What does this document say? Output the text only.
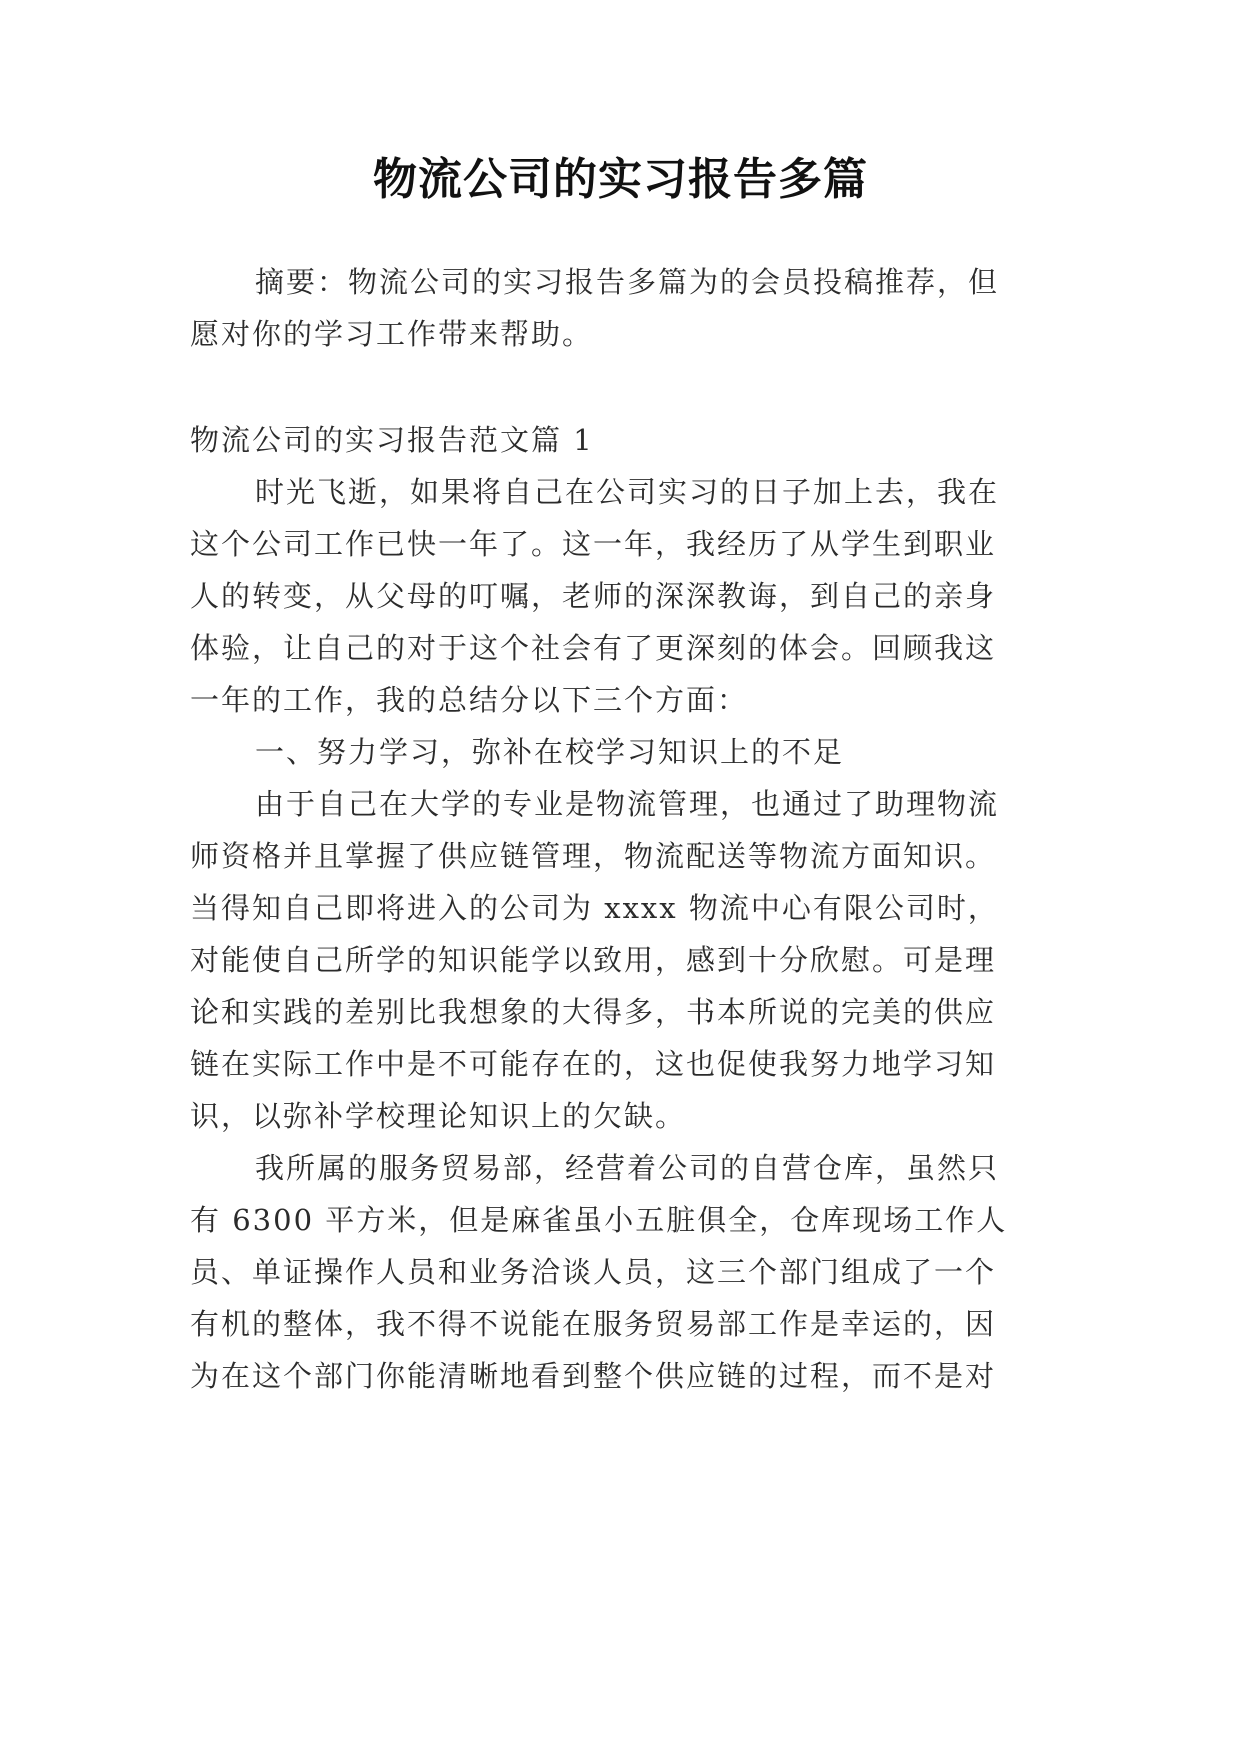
物流公司的实习报告多篇
摘要：物流公司的实习报告多篇为的会员投稿推荐，但
愿对你的学习工作带来帮助。
物流公司的实习报告范文篇 1
时光飞逝，如果将自己在公司实习的日子加上去，我在
这个公司工作已快一年了。这一年，我经历了从学生到职业
人的转变，从父母的叮嘱，老师的深深教诲，到自己的亲身
体验，让自己的对于这个社会有了更深刻的体会。回顾我这
一年的工作，我的总结分以下三个方面：
一、努力学习，弥补在校学习知识上的不足
由于自己在大学的专业是物流管理，也通过了助理物流
师资格并且掌握了供应链管理，物流配送等物流方面知识。
当得知自己即将进入的公司为 xxxx 物流中心有限公司时，
对能使自己所学的知识能学以致用，感到十分欣慰。可是理
论和实践的差别比我想象的大得多，书本所说的完美的供应
链在实际工作中是不可能存在的，这也促使我努力地学习知
识，以弥补学校理论知识上的欠缺。
我所属的服务贸易部，经营着公司的自营仓库，虽然只
有 6300 平方米，但是麻雀虽小五脏俱全，仓库现场工作人
员、单证操作人员和业务洽谈人员，这三个部门组成了一个
有机的整体，我不得不说能在服务贸易部工作是幸运的，因
为在这个部门你能清晰地看到整个供应链的过程，而不是对
